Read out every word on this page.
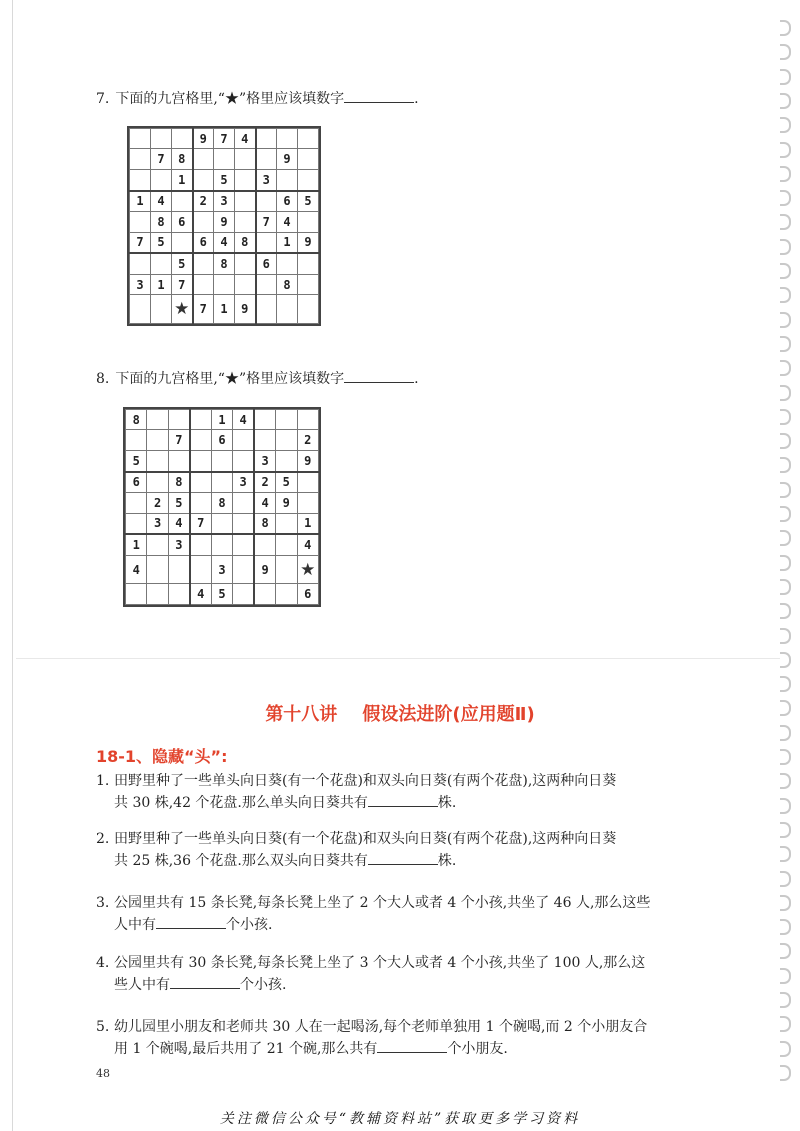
7. 下面的九宫格里,“★”格里应该填数字	.
			9	7	4			
	7	8					9	
		1		5		3		
1	4		2	3			6	5
	8	6		9		7	4	
7	5		6	4	8		1	9
		5		8		6		
3	1	7					8	
		★	7	1	9			
8. 下面的九宫格里,“★”格里应该填数字	.
8				1	4			
		7		6				2
5						3		9
6		8			3	2	5	
	2	5		8		4	9	
	3	4	7			8		1
1		3						4
4				3		9		★
			4	5				6
第十八讲    假设法进阶(应用题Ⅱ)
18-1、隐藏“头”:
1. 田野里种了一些单头向日葵(有一个花盘)和双头向日葵(有两个花盘),这两种向日葵
共 30 株,42 个花盘.那么单头向日葵共有	株.
2. 田野里种了一些单头向日葵(有一个花盘)和双头向日葵(有两个花盘),这两种向日葵
共 25 株,36 个花盘.那么双头向日葵共有	株.
3. 公园里共有 15 条长凳,每条长凳上坐了 2 个大人或者 4 个小孩,共坐了 46 人,那么这些
人中有	个小孩.
4. 公园里共有 30 条长凳,每条长凳上坐了 3 个大人或者 4 个小孩,共坐了 100 人,那么这
些人中有	个小孩.
5. 幼儿园里小朋友和老师共 30 人在一起喝汤,每个老师单独用 1 个碗喝,而 2 个小朋友合
用 1 个碗喝,最后共用了 21 个碗,那么共有	个小朋友.
48
关注微信公众号“教辅资料站”获取更多学习资料
